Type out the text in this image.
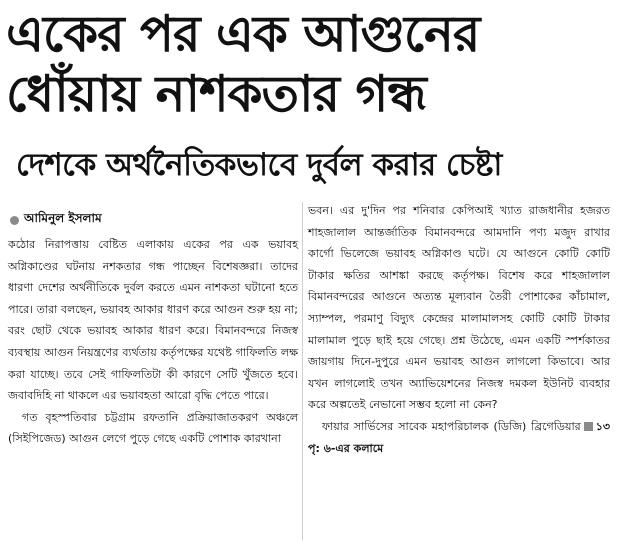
একের পর এক আগুনের
ধোঁয়ায় নাশকতার গন্ধ
দেশকে অর্থনৈতিকভাবে দুর্বল করার চেষ্টা
আমিনুল ইসলাম

কঠোর নিরাপত্তায় বেষ্টিত এলাকায় একের পর এক ভয়াবহ অগ্নিকাণ্ডের ঘটনায় নশকতার গন্ধ পাচ্ছেন বিশেষজ্ঞরা। তাদের ধারণা দেশের অর্থনীতিকে দুর্বল করতে এমন নাশকতা ঘটানো হতে পারে। তারা বলছেন, ভয়াবহ আকার ধারণ করে আগুন শুরু হয় না; বরং ছোট থেকে ভয়াবহ আকার ধারণ করে। বিমানবন্দরে নিজস্ব ব্যবস্থায় আগুন নিয়ন্ত্রণের ব্যর্থতায় কর্তৃপক্ষের যথেষ্ট গাফিলতি লক্ষ করা যাচ্ছে। তবে সেই গাফিলতিটা কী কারণে সেটি খুঁজতে হবে। জবাবদিহি না থাকলে এর ভয়াবহতা আরো বৃদ্ধি পেতে পারে।

গত বৃহস্পতিবার চট্টগ্রাম রফতানি প্রক্রিয়াজাতকরণ অঞ্চলে (সিইপিজেড) আগুন লেগে পুড়ে গেছে একটি পোশাক কারখানা

ভবন। এর দু'দিন পর শনিবার কেপিআই খ্যাত রাজধানীর হজরত শাহজালাল আন্তর্জাতিক বিমানবন্দরে আমদানি পণ্য মজুদ রাখার কার্গো ভিলেজে ভয়াবহ অগ্নিকাণ্ড ঘটে। যে আগুনে কোটি কোটি টাকার ক্ষতির আশঙ্কা করছে কর্তৃপক্ষ। বিশেষ করে শাহজালাল বিমানবন্দরের আগুনে অত্যন্ত মূল্যবান তৈরী পোশাকের কাঁচামাল, স্যাম্পল, পরমাণু বিদ্যুৎ কেন্দ্রের মালামালসহ কোটি কোটি টাকার মালামাল পুড়ে ছাই হয়ে গেছে। প্রশ্ন উঠেছে, এমন একটি স্পর্শকাতর জায়গায় দিনে-দুপুরে এমন ভয়াবহ আগুন লাগলো কিভাবে। আর যখন লাগলোই তখন অ্যাভিয়েশনের নিজস্ব দমকল ইউনিট ব্যবহার করে অল্পতেই নেভানো সম্ভব হলো না কেন?

ফায়ার সার্ভিসের সাবেক মহাপরিচালক (ডিজি) ব্রিগেডিয়ার ১৩ পৃ: ৬-এর কলামে
